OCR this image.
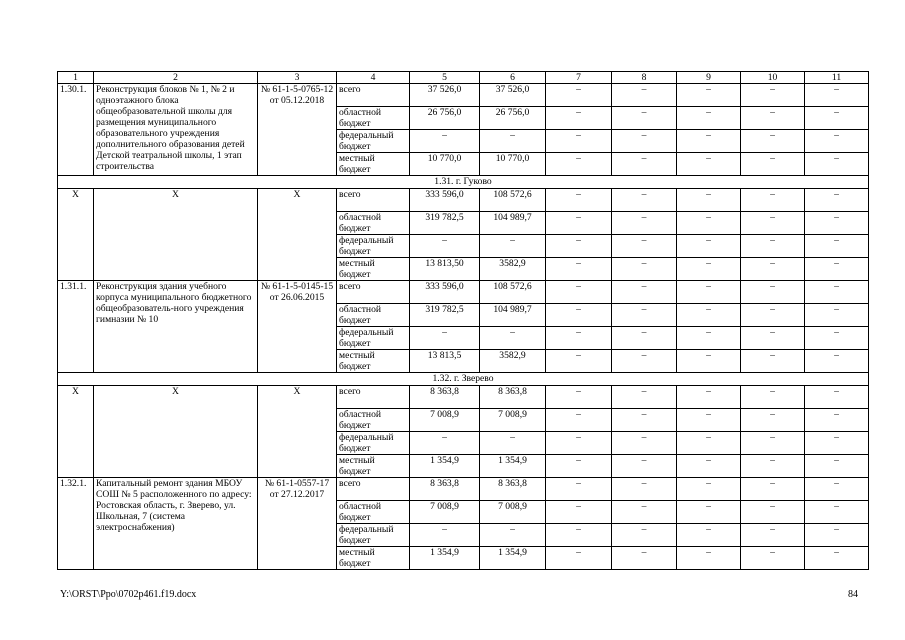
1	2	3	4	5	6	7	8	9	10	11
1.30.1.	Реконструкция блоков № 1, № 2 и одноэтажного блока общеобразовательной школы для размещения муниципального образовательного учреждения дополнительного образования детей Детской театральной школы, 1 этап строительства	№ 61-1-5-0765-12 от 05.12.2018	всего	37 526,0	37 526,0	–	–	–	–	–
			областной бюджет	26 756,0	26 756,0	–	–	–	–	–
			федеральный бюджет	–	–	–	–	–	–	–
			местный бюджет	10 770,0	10 770,0	–	–	–	–	–
1.31. г. Гуково										
Х	Х	Х	всего	333 596,0	108 572,6	–	–	–	–	–
			областной бюджет	319 782,5	104 989,7	–	–	–	–	–
			федеральный бюджет	–	–	–	–	–	–	–
			местный бюджет	13 813,50	3582,9	–	–	–	–	–
1.31.1.	Реконструкция здания учебного корпуса муниципального бюджетного общеобразователь-ного учреждения гимназии № 10	№ 61-1-5-0145-15 от 26.06.2015	всего	333 596,0	108 572,6	–	–	–	–	–
			областной бюджет	319 782,5	104 989,7	–	–	–	–	–
			федеральный бюджет	–	–	–	–	–	–	–
			местный бюджет	13 813,5	3582,9	–	–	–	–	–
1.32. г. Зверево										
Х	Х	Х	всего	8 363,8	8 363,8	–	–	–	–	–
			областной бюджет	7 008,9	7 008,9	–	–	–	–	–
			федеральный бюджет	–	–	–	–	–	–	–
			местный бюджет	1 354,9	1 354,9	–	–	–	–	–
1.32.1.	Капитальный ремонт здания МБОУ СОШ № 5 расположенного по адресу: Ростовская область, г. Зверево, ул. Школьная, 7 (система электроснабжения)	№ 61-1-0557-17 от 27.12.2017	всего	8 363,8	8 363,8	–	–	–	–	–
			областной бюджет	7 008,9	7 008,9	–	–	–	–	–
			федеральный бюджет	–	–	–	–	–	–	–
			местный бюджет	1 354,9	1 354,9	–	–	–	–	–
Y:\ORST\Ppo\0702p461.f19.docx	84
